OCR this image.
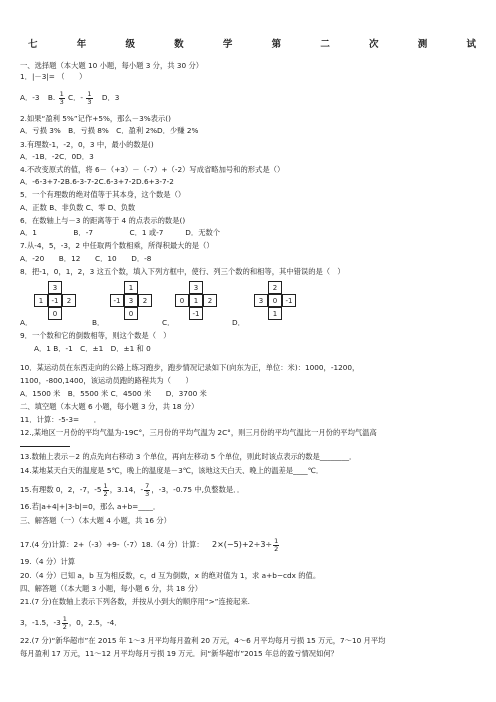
七	年	级	数	学	第	二	次	测	试
一、选择题（本大题 10 小题，每小题 3 分，共 30 分）
1．|－3|= （　　）
A．-3 B. $\frac{1}{3}$ C．- $\frac{1}{3}$ D．3
2.如果“盈利 5%”记作+5%，那么－3%表示()
A．亏损 3%　B．亏损 8%　C．盈利 2%D．少赚 2%
3.有理数-1，-2，0，3 中，最小的数是()
A．-1B．-2C．0D．3
4.不改变原式的值，将 6－（+3）－（-7）+（-2）写成省略加号和的形式是（）
A．-6-3+7-2B.6-3-7-2C.6-3+7-2D.6+3-7-2
5．一个有理数的绝对值等于其本身，这个数是（）
A、正数 B、非负数 C、零 D、负数
6．在数轴上与－3 的距离等于 4 的点表示的数是()
A．1　　　　　B．-7　　　　　C．1 或-7　　　D．无数个
7.从-4，5，-3，2 中任取两个数相乘，所得积最大的是（）
A．-20　　B．12　　C．10　　D．-8
8．把-1，0，1，2，3 这五个数，填入下列方框中，使行、列三个数的和相等，其中错误的是（　）
3
1	-1	2
0
1
-1	3	2
0
3
0	1	2
-1
2
3	0	-1
1
A．	B．	C．	D．
9．一个数和它的倒数相等，则这个数是（　）
A．1 B．-1　C．±1　D．±1 和 0
10．某运动员在东西走向的公路上练习跑步，跑步情况记录如下(向东为正，单位：米)：1000，-1200，
1100，-800,1400，该运动员跑的路程共为（　　）
A．1500 米　B．5500 米 C．4500 米　　D．3700 米
二、填空题（本大题 6 小题，每小题 3 分，共 18 分）
11．计算：-5-3=　　．
12.,某地区一月份的平均气温为-19C°，三月份的平均气温为 2C°，则三月份的平均气温比一月份的平均气温高
13.数轴上表示－2 的点先向右移动 3 个单位，再向左移动 5 个单位，则此时该点表示的数是________．
14.某地某天白天的温度是 5℃，晚上的温度是－3℃，该地这天白天、晚上的温差是____℃．
15.有理数 0，2，-7，$-5 \frac{1}{2}$ ，3.14，- $\frac{7}{3}$ ，-3，-0.75 中,负整数是．．
16.若|a+4|+|3-b|=0，那么 a+b=____．
三、解答题（一）（本大题 4 小题，共 16 分）
17.(4 分)计算：2+（-3）+9-（-7）18.（4 分）计算： $2\times(-5)+2\div 3\div \frac{1}{2}$
19.（4 分）计算
20.（4 分）已知 a，b 互为相反数，c，d 互为倒数，x 的绝对值为 1，求 a+b−cdx 的值。
四、解答题（（本大题 3 小题，每小题 6 分，共 18 分）
21.(7 分)在数轴上表示下列各数，并按从小到大的顺序用“>”连接起来.
3，-1.5，$-3 \frac{1}{2}$ ，0，2.5，-4．
22.(7 分)“新华超市”在 2015 年 1～3 月平均每月盈利 20 万元，4～6 月平均每月亏损 15 万元，7～10 月平均
每月盈利 17 万元，11～12 月平均每月亏损 19 万元．问“新华超市”2015 年总的盈亏情况如何？
